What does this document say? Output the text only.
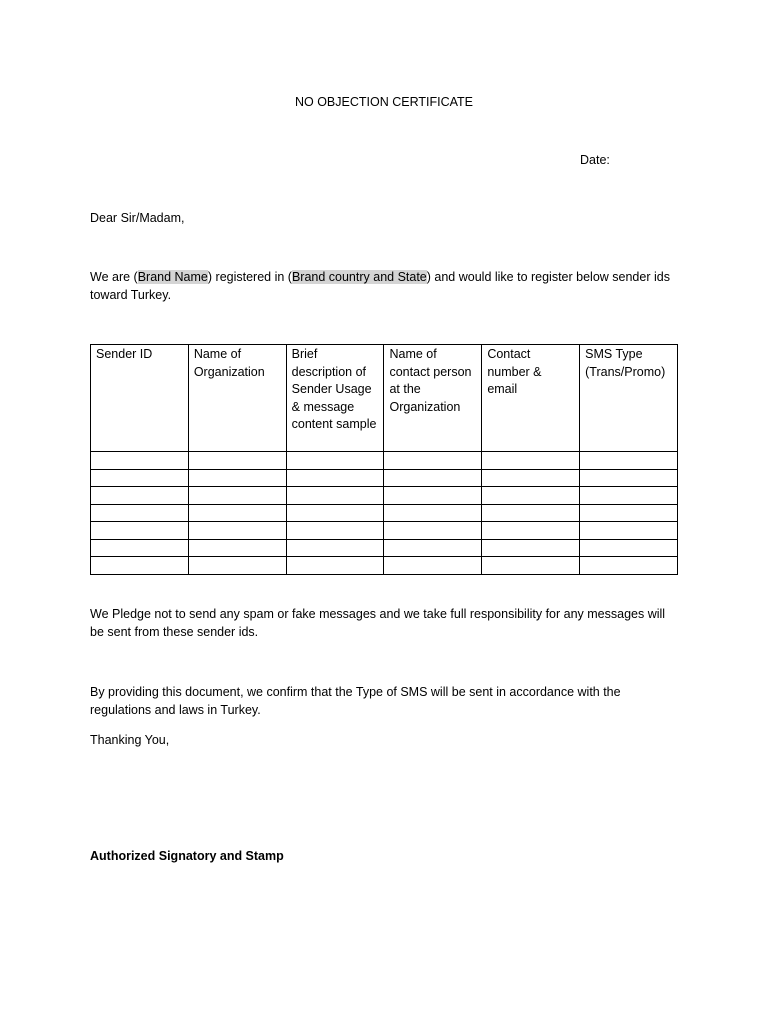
NO OBJECTION CERTIFICATE
Date:
Dear Sir/Madam,
We are (Brand Name) registered in (Brand country and State) and would like to register below sender ids toward Turkey.
Sender ID	Name of Organization	Brief description of Sender Usage & message content sample	Name of contact person at the Organization	Contact number & email	SMS Type (Trans/Promo)

We Pledge not to send any spam or fake messages and we take full responsibility for any messages will be sent from these sender ids.
By providing this document, we confirm that the Type of SMS will be sent in accordance with the regulations and laws in Turkey.
Thanking You,
Authorized Signatory and Stamp
